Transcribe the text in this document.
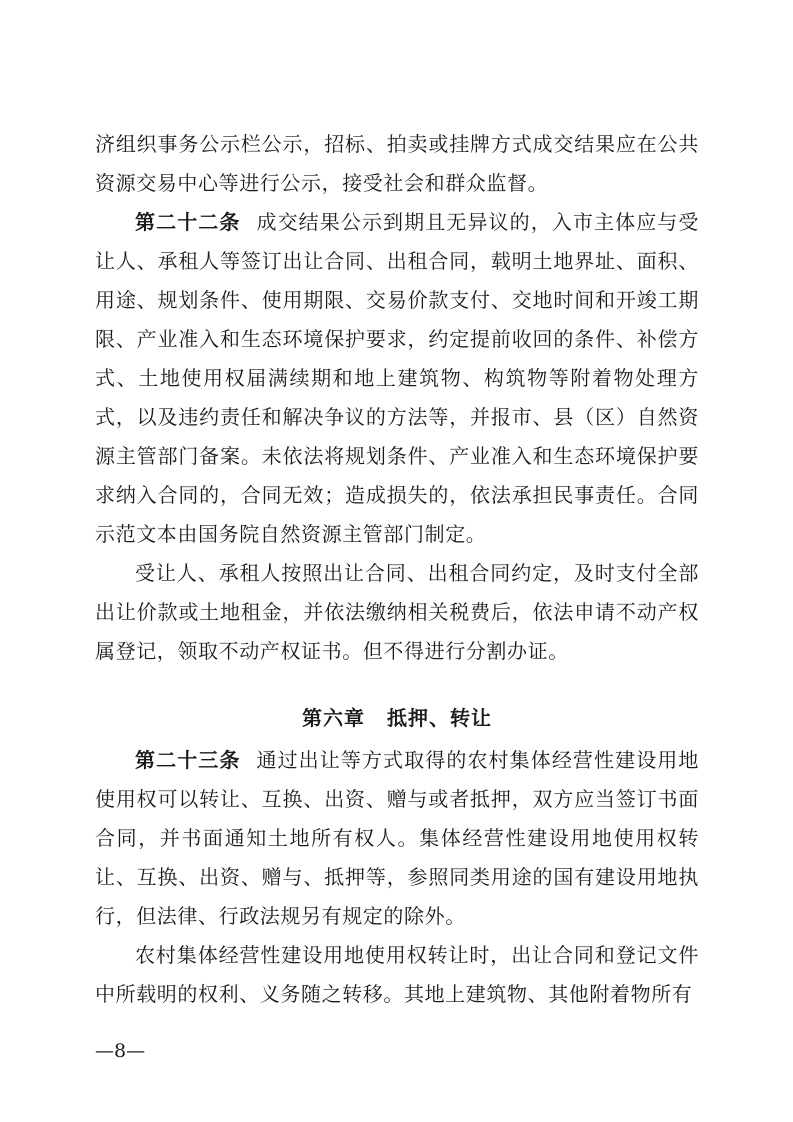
济组织事务公示栏公示，招标、拍卖或挂牌方式成交结果应在公共资源交易中心等进行公示，接受社会和群众监督。

第二十二条 成交结果公示到期且无异议的，入市主体应与受让人、承租人等签订出让合同、出租合同，载明土地界址、面积、用途、规划条件、使用期限、交易价款支付、交地时间和开竣工期限、产业准入和生态环境保护要求，约定提前收回的条件、补偿方式、土地使用权届满续期和地上建筑物、构筑物等附着物处理方式，以及违约责任和解决争议的方法等，并报市、县（区）自然资源主管部门备案。未依法将规划条件、产业准入和生态环境保护要求纳入合同的，合同无效；造成损失的，依法承担民事责任。合同示范文本由国务院自然资源主管部门制定。

受让人、承租人按照出让合同、出租合同约定，及时支付全部出让价款或土地租金，并依法缴纳相关税费后，依法申请不动产权属登记，领取不动产权证书。但不得进行分割办证。

第六章 抵押、转让

第二十三条 通过出让等方式取得的农村集体经营性建设用地使用权可以转让、互换、出资、赠与或者抵押，双方应当签订书面合同，并书面通知土地所有权人。集体经营性建设用地使用权转让、互换、出资、赠与、抵押等，参照同类用途的国有建设用地执行，但法律、行政法规另有规定的除外。

农村集体经营性建设用地使用权转让时，出让合同和登记文件中所载明的权利、义务随之转移。其地上建筑物、其他附着物所有

—8—
